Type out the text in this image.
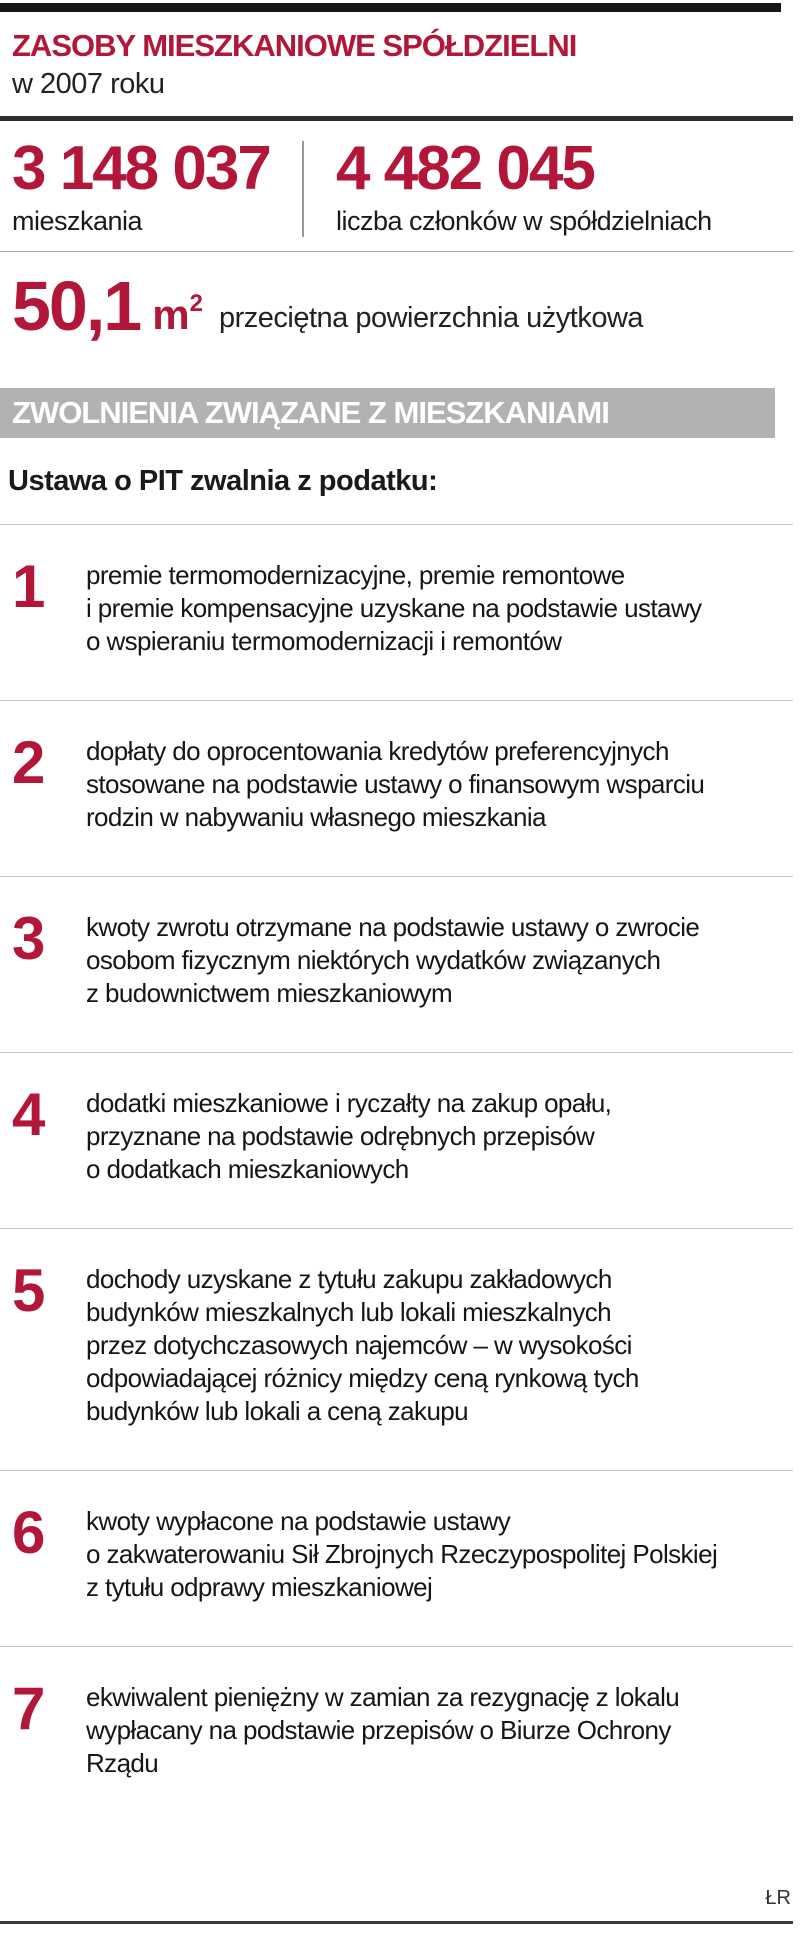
ZASOBY MIESZKANIOWE SPÓŁDZIELNI
w 2007 roku
3 148 037
mieszkania
4 482 045
liczba członków w spółdzielniach
50,1 $m^2$ przeciętna powierzchnia użytkowa
ZWOLNIENIA ZWIĄZANE Z MIESZKANIAMI
Ustawa o PIT zwalnia z podatku:
1	premie termomodernizacyjne, premie remontowe
i premie kompensacyjne uzyskane na podstawie ustawy
o wspieraniu termomodernizacji i remontów
2	dopłaty do oprocentowania kredytów preferencyjnych
stosowane na podstawie ustawy o finansowym wsparciu
rodzin w nabywaniu własnego mieszkania
3	kwoty zwrotu otrzymane na podstawie ustawy o zwrocie
osobom fizycznym niektórych wydatków związanych
z budownictwem mieszkaniowym
4	dodatki mieszkaniowe i ryczałty na zakup opału,
przyznane na podstawie odrębnych przepisów
o dodatkach mieszkaniowych
5	dochody uzyskane z tytułu zakupu zakładowych
budynków mieszkalnych lub lokali mieszkalnych
przez dotychczasowych najemców – w wysokości
odpowiadającej różnicy między ceną rynkową tych
budynków lub lokali a ceną zakupu
6	kwoty wypłacone na podstawie ustawy
o zakwaterowaniu Sił Zbrojnych Rzeczypospolitej Polskiej
z tytułu odprawy mieszkaniowej
7	ekwiwalent pieniężny w zamian za rezygnację z lokalu
wypłacany na podstawie przepisów o Biurze Ochrony
Rządu
ŁR
